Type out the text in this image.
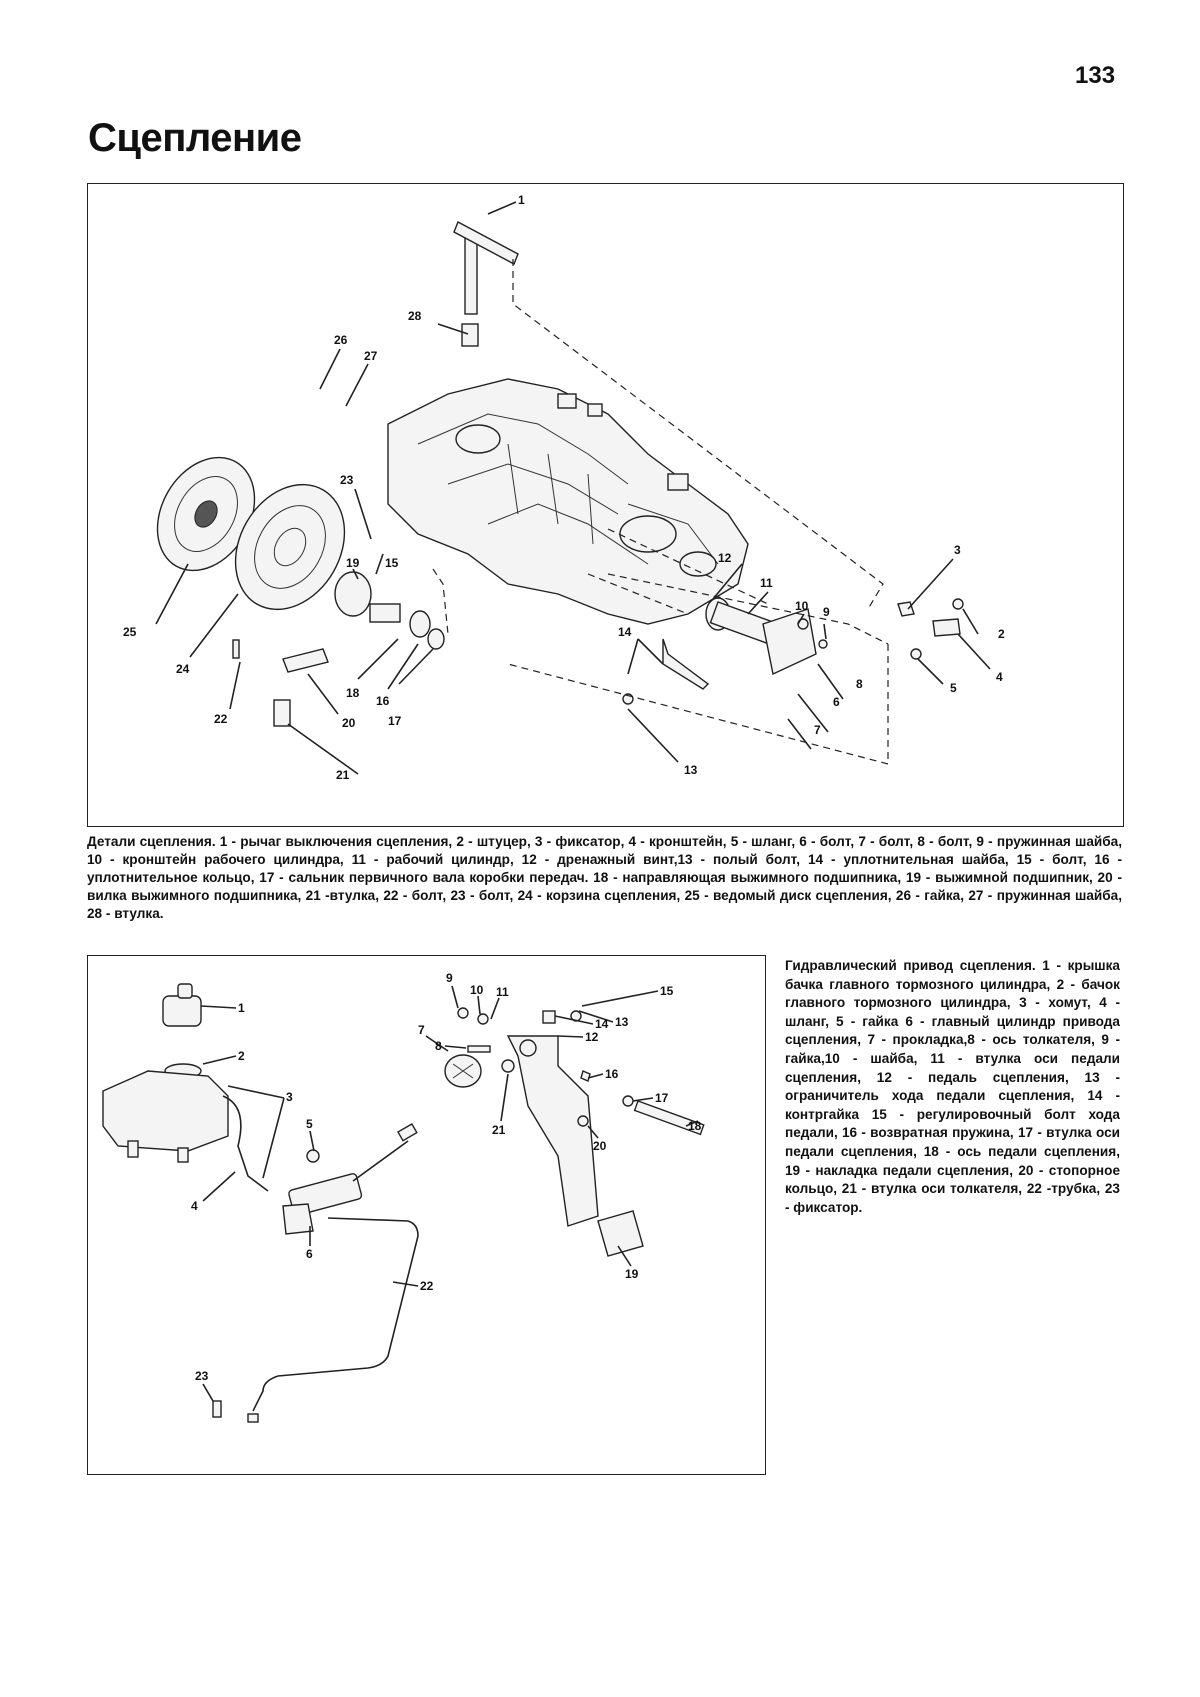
133
Сцепление
1
2
3
4
5
6
7
8
9
10
11
12
13
14
15
16
17
18
19
20
21
22
23
24
25
26
27
28
Детали сцепления. 1 - рычаг выключения сцепления, 2 - штуцер, 3 - фиксатор, 4 - кронштейн, 5 - шланг, 6 - болт, 7 - болт, 8 - болт, 9 - пружинная шайба, 10 - кронштейн рабочего цилиндра, 11 - рабочий цилиндр, 12 - дренажный винт,13 - полый болт, 14 - уплотнительная шайба, 15 - болт, 16 - уплотнительное кольцо, 17 - сальник первичного вала коробки передач. 18 - направляющая выжимного подшипника, 19 - выжимной подшипник, 20 - вилка выжимного подшипника, 21 -втулка, 22 - болт, 23 - болт, 24 - корзина сцепления, 25 - ведомый диск сцепления, 26 - гайка, 27 - пружинная шайба, 28 - втулка.
1
2
3
4
5
6
7
8
9
10 11
12
13
14
15
16
17
18
19
20
21
22
23
Гидравлический привод сцепления. 1 - крышка бачка главного тормозного цилиндра, 2 - бачок главного тормозного цилиндра, 3 - хомут, 4 - шланг, 5 - гайка 6 - главный цилиндр привода сцепления, 7 - прокладка,8 - ось толкателя, 9 - гайка,10 - шайба, 11 - втулка оси педали сцепления, 12 - педаль сцепления, 13 - ограничитель хода педали сцепления, 14 - контргайка 15 - регулировочный болт хода педали, 16 - возвратная пружина, 17 - втулка оси педали сцепления, 18 - ось педали сцепления, 19 - накладка педали сцепления, 20 - стопорное кольцо, 21 - втулка оси толкателя, 22 -трубка, 23 - фиксатор.
